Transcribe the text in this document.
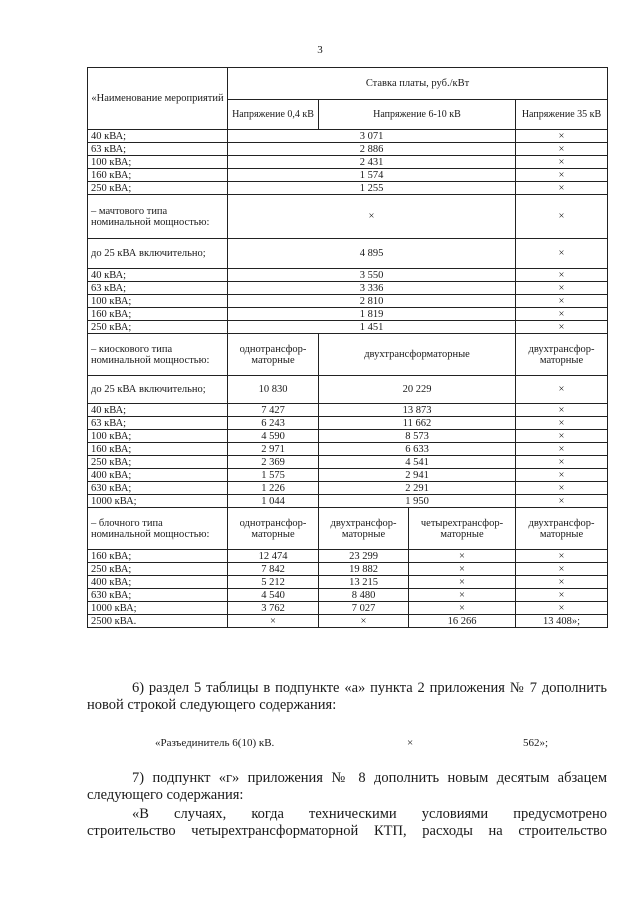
3
«Наименование мероприятий	Ставка платы, руб./кВт			
	Напряжение 0,4 кВ	Напряжение 6-10 кВ		Напряжение 35 кВ
40 кВА;	3 071			×
63 кВА;	2 886			×
100 кВА;	2 431			×
160 кВА;	1 574			×
250 кВА;	1 255			×
– мачтового типа номинальной мощностью:	×			×
до 25 кВА включительно;	4 895			×
40 кВА;	3 550			×
63 кВА;	3 336			×
100 кВА;	2 810			×
160 кВА;	1 819			×
250 кВА;	1 451			×
– киоскового типа номинальной мощностью:	однотрансфор-маторные	двухтрансформаторные		двухтрансфор-маторные
до 25 кВА включительно;	10 830	20 229		×
40 кВА;	7 427	13 873		×
63 кВА;	6 243	11 662		×
100 кВА;	4 590	8 573		×
160 кВА;	2 971	6 633		×
250 кВА;	2 369	4 541		×
400 кВА;	1 575	2 941		×
630 кВА;	1 226	2 291		×
1000 кВА;	1 044	1 950		×
– блочного типа номинальной мощностью:	однотрансфор-маторные	двухтрансфор-маторные	четырехтрансфор-маторные	двухтрансфор-маторные
160 кВА;	12 474	23 299	×	×
250 кВА;	7 842	19 882	×	×
400 кВА;	5 212	13 215	×	×
630 кВА;	4 540	8 480	×	×
1000 кВА;	3 762	7 027	×	×
2500 кВА.	×	×	16 266	13 408»;
6) раздел 5 таблицы в подпункте «а» пункта 2 приложения № 7 дополнить новой строкой следующего содержания:
«Разъединитель 6(10) кВ.	×	562»;
7) подпункт «г» приложения № 8 дополнить новым десятым абзацем следующего содержания:
«В случаях, когда техническими условиями предусмотрено
строительство четырехтрансформаторной КТП, расходы на строительство
